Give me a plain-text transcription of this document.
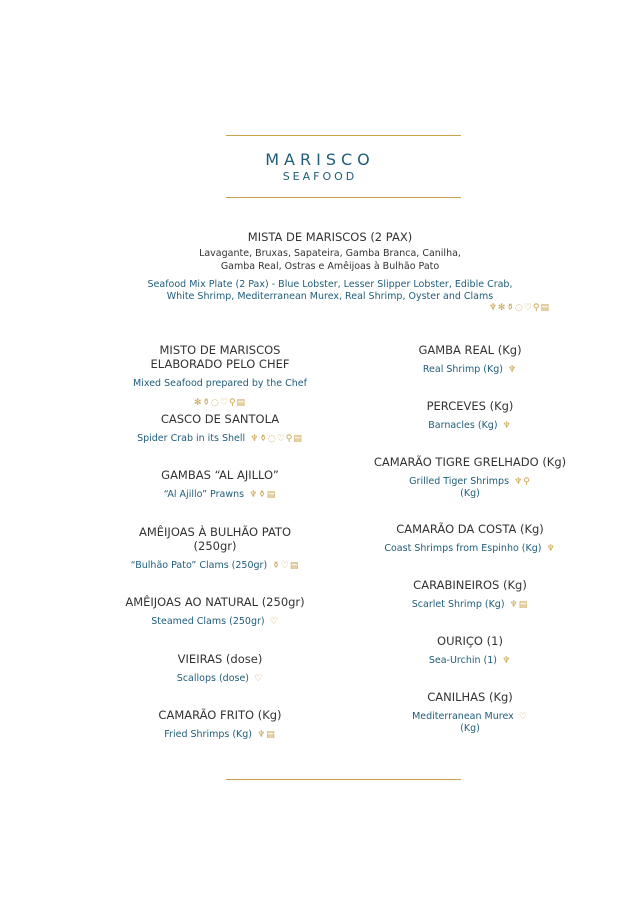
MARISCO
SEAFOOD
MISTA DE MARISCOS (2 PAX)
Lavagante, Bruxas, Sapateira, Gamba Branca, Canilha,
Gamba Real, Ostras e Amêijoas à Bulhão Pato
Seafood Mix Plate (2 Pax) - Blue Lobster, Lesser Slipper Lobster, Edible Crab,
White Shrimp, Mediterranean Murex, Real Shrimp, Oyster and Clams
♆✻⚱◌♡⚲▤
MISTO DE MARISCOS
ELABORADO PELO CHEF
Mixed Seafood prepared by the Chef ✻⚱◌♡⚲▤
CASCO DE SANTOLA
Spider Crab in its Shell ♆⚱◌♡⚲▤
GAMBAS “AL AJILLO”
“Al Ajillo” Prawns ♆⚱▤
AMÊIJOAS À BULHÃO PATO
(250gr)
“Bulhão Pato” Clams (250gr) ⚱♡▤
AMÊIJOAS AO NATURAL (250gr)
Steamed Clams (250gr) ♡
VIEIRAS (dose)
Scallops (dose) ♡
CAMARÃO FRITO (Kg)
Fried Shrimps (Kg) ♆▤
GAMBA REAL (Kg)
Real Shrimp (Kg) ♆
PERCEVES (Kg)
Barnacles (Kg) ♆
CAMARÃO TIGRE GRELHADO (Kg)
Grilled Tiger Shrimps ♆⚲
(Kg)
CAMARÃO DA COSTA (Kg)
Coast Shrimps from Espinho (Kg) ♆
CARABINEIROS (Kg)
Scarlet Shrimp (Kg) ♆▤
OURIÇO (1)
Sea-Urchin (1) ♆
CANILHAS (Kg)
Mediterranean Murex ♡
(Kg)
